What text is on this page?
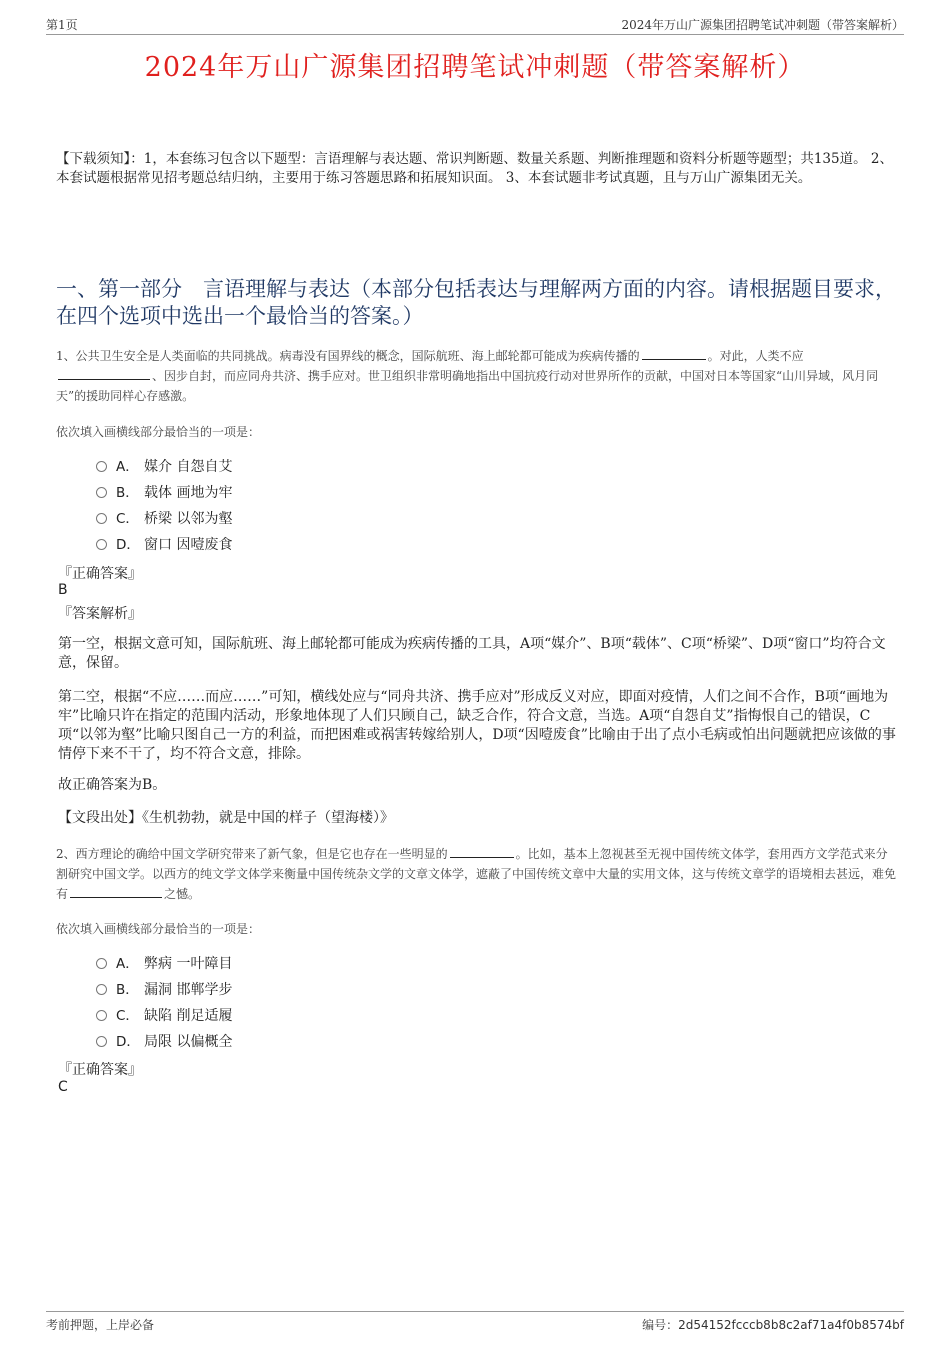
第1页	2024年万山广源集团招聘笔试冲刺题（带答案解析）
2024年万山广源集团招聘笔试冲刺题（带答案解析）
【下载须知】：1，本套练习包含以下题型：言语理解与表达题、常识判断题、数量关系题、判断推理题和资料分析题等题型；共135道。 2、本套试题根据常见招考题总结归纳，主要用于练习答题思路和拓展知识面。 3、本套试题非考试真题，且与万山广源集团无关。
一、第一部分　言语理解与表达（本部分包括表达与理解两方面的内容。请根据题目要求，在四个选项中选出一个最恰当的答案。）
1、公共卫生安全是人类面临的共同挑战。病毒没有国界线的概念，国际航班、海上邮轮都可能成为疾病传播的	。对此，人类不应、因步自封，而应同舟共济、携手应对。世卫组织非常明确地指出中国抗疫行动对世界所作的贡献，中国对日本等国家“山川异域，风月同天”的援助同样心存感激。
依次填入画横线部分最恰当的一项是：
A． 媒介 自怨自艾
B． 载体 画地为牢
C． 桥梁 以邻为壑
D． 窗口 因噎废食
『正确答案』
B
『答案解析』
第一空，根据文意可知，国际航班、海上邮轮都可能成为疾病传播的工具，A项“媒介”、B项“载体”、C项“桥梁”、D项“窗口”均符合文意，保留。
第二空，根据“不应……而应……”可知，横线处应与“同舟共济、携手应对”形成反义对应，即面对疫情，人们之间不合作，B项“画地为牢”比喻只许在指定的范围内活动，形象地体现了人们只顾自己，缺乏合作，符合文意，当选。A项“自怨自艾”指悔恨自己的错误，C项“以邻为壑”比喻只图自己一方的利益，而把困难或祸害转嫁给别人，D项“因噎废食”比喻由于出了点小毛病或怕出问题就把应该做的事情停下来不干了，均不符合文意，排除。
故正确答案为B。
【文段出处】《生机勃勃，就是中国的样子（望海楼）》
2、西方理论的确给中国文学研究带来了新气象，但是它也存在一些明显的	。比如，基本上忽视甚至无视中国传统文体学，套用西方文学范式来分割研究中国文学。以西方的纯文学文体学来衡量中国传统杂文学的文章文体学，遮蔽了中国传统文章中大量的实用文体，这与传统文章学的语境相去甚远，难免有	之憾。
依次填入画横线部分最恰当的一项是：
A． 弊病 一叶障目
B． 漏洞 邯郸学步
C． 缺陷 削足适履
D． 局限 以偏概全
『正确答案』
C
考前押题，上岸必备	编号：2d54152fcccb8b8c2af71a4f0b8574bf
